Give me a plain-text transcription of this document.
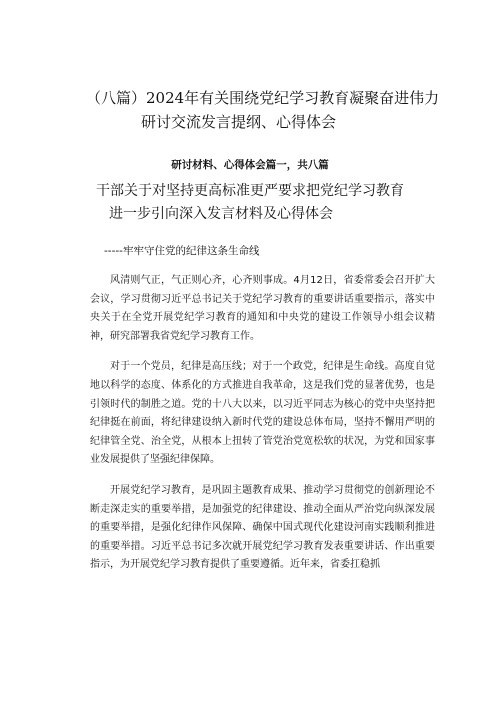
（八篇）2024年有关围绕党纪学习教育凝聚奋进伟力
研讨交流发言提纲、心得体会
研讨材料、心得体会篇一，共八篇
干部关于对坚持更高标准更严要求把党纪学习教育
进一步引向深入发言材料及心得体会

-----牢牢守住党的纪律这条生命线

风清则气正，气正则心齐，心齐则事成。4月12日，省委常委会召开扩大会议，学习贯彻习近平总书记关于党纪学习教育的重要讲话重要指示，落实中央关于在全党开展党纪学习教育的通知和中央党的建设工作领导小组会议精神，研究部署我省党纪学习教育工作。

对于一个党员，纪律是高压线；对于一个政党，纪律是生命线。高度自觉地以科学的态度、体系化的方式推进自我革命，这是我们党的显著优势，也是引领时代的制胜之道。党的十八大以来，以习近平同志为核心的党中央坚持把纪律挺在前面，将纪律建设纳入新时代党的建设总体布局，坚持不懈用严明的纪律管全党、治全党，从根本上扭转了管党治党宽松软的状况，为党和国家事业发展提供了坚强纪律保障。

开展党纪学习教育，是巩固主题教育成果、推动学习贯彻党的创新理论不断走深走实的重要举措，是加强党的纪律建设、推动全面从严治党向纵深发展的重要举措，是强化纪律作风保障、确保中国式现代化建设河南实践顺利推进的重要举措。习近平总书记多次就开展党纪学习教育发表重要讲话、作出重要指示，为开展党纪学习教育提供了重要遵循。近年来，省委扛稳抓
